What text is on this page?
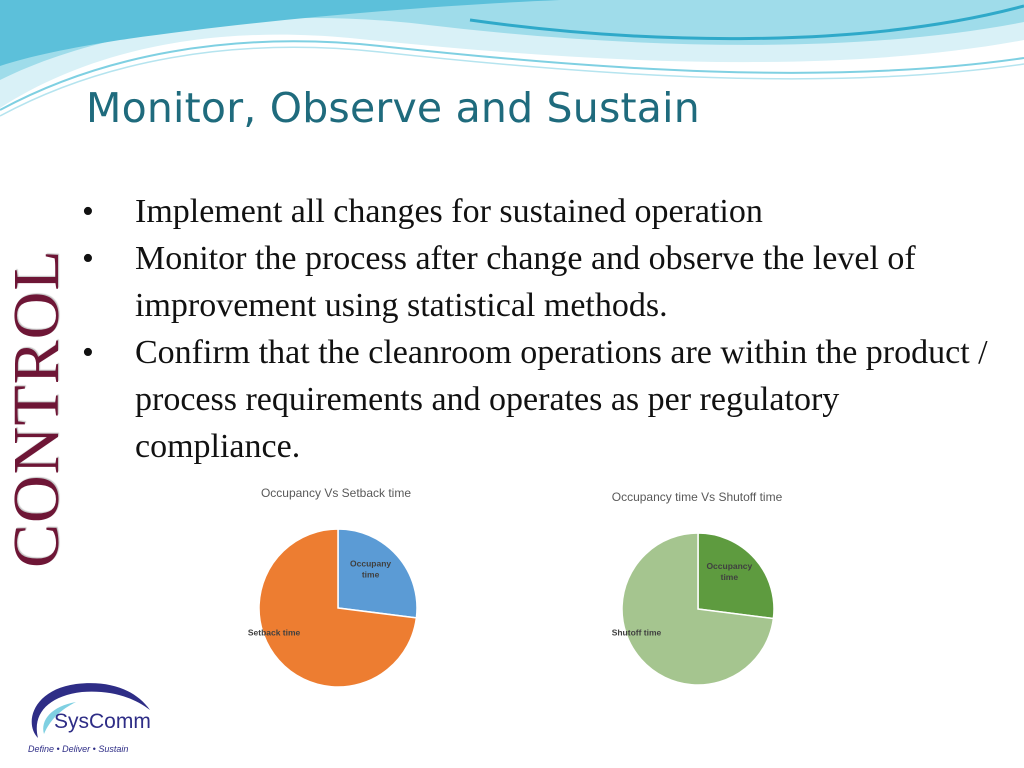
Monitor, Observe and Sustain
CONTROL
• Implement all changes for sustained operation
• Monitor the process after change and observe the level of improvement using statistical methods.
• Confirm that the cleanroom operations are within the product / process requirements and operates as per regulatory compliance.
Occupancy Vs Setback time
Occupany time
Setback time
Occupancy time Vs Shutoff time
Occupancy time
Shutoff time
SysComm
Define • Deliver • Sustain
